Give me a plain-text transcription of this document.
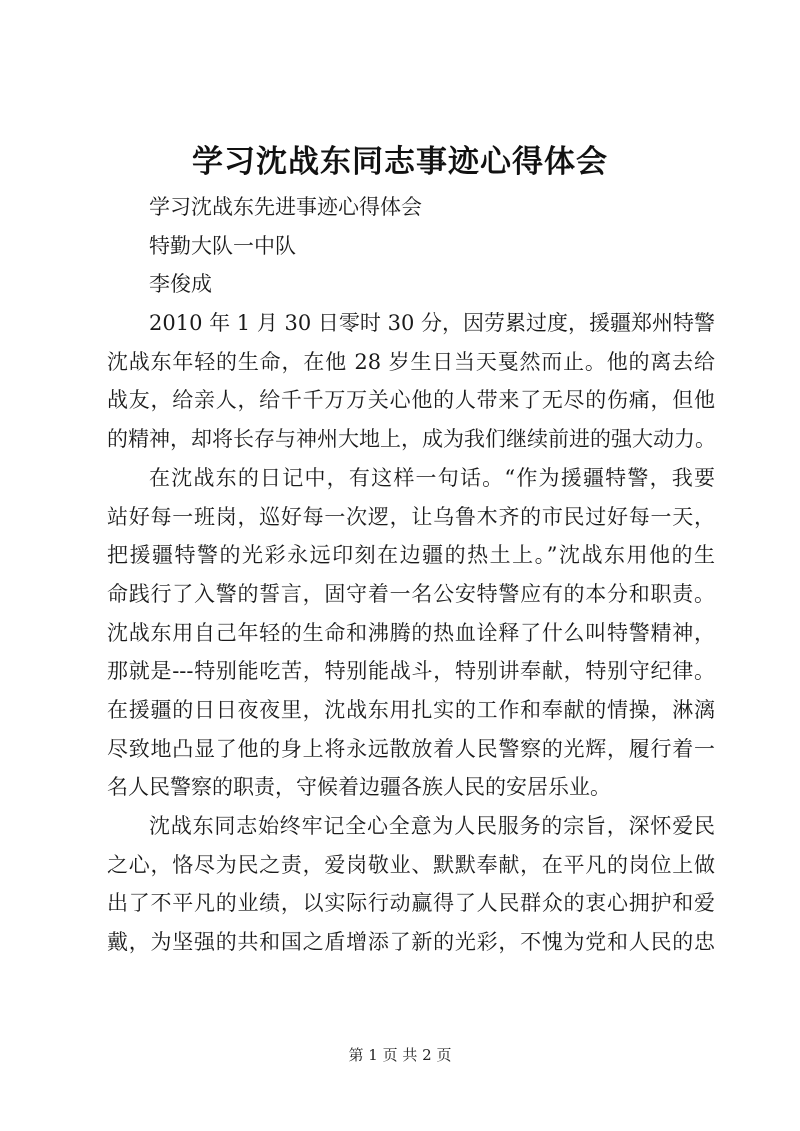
学习沈战东同志事迹心得体会
学习沈战东先进事迹心得体会
特勤大队一中队
李俊成
2010 年 1 月 30 日零时 30 分，因劳累过度，援疆郑州特警
沈战东年轻的生命，在他 28 岁生日当天戛然而止。他的离去给
战友，给亲人，给千千万万关心他的人带来了无尽的伤痛，但他
的精神，却将长存与神州大地上，成为我们继续前进的强大动力。
在沈战东的日记中，有这样一句话。“作为援疆特警，我要
站好每一班岗，巡好每一次逻，让乌鲁木齐的市民过好每一天，
把援疆特警的光彩永远印刻在边疆的热土上。”沈战东用他的生
命践行了入警的誓言，固守着一名公安特警应有的本分和职责。
沈战东用自己年轻的生命和沸腾的热血诠释了什么叫特警精神，
那就是---特别能吃苦，特别能战斗，特别讲奉献，特别守纪律。
在援疆的日日夜夜里，沈战东用扎实的工作和奉献的情操，淋漓
尽致地凸显了他的身上将永远散放着人民警察的光辉，履行着一
名人民警察的职责，守候着边疆各族人民的安居乐业。
沈战东同志始终牢记全心全意为人民服务的宗旨，深怀爱民
之心，恪尽为民之责，爱岗敬业、默默奉献，在平凡的岗位上做
出了不平凡的业绩，以实际行动赢得了人民群众的衷心拥护和爱
戴，为坚强的共和国之盾增添了新的光彩，不愧为党和人民的忠
第 1 页 共 2 页
